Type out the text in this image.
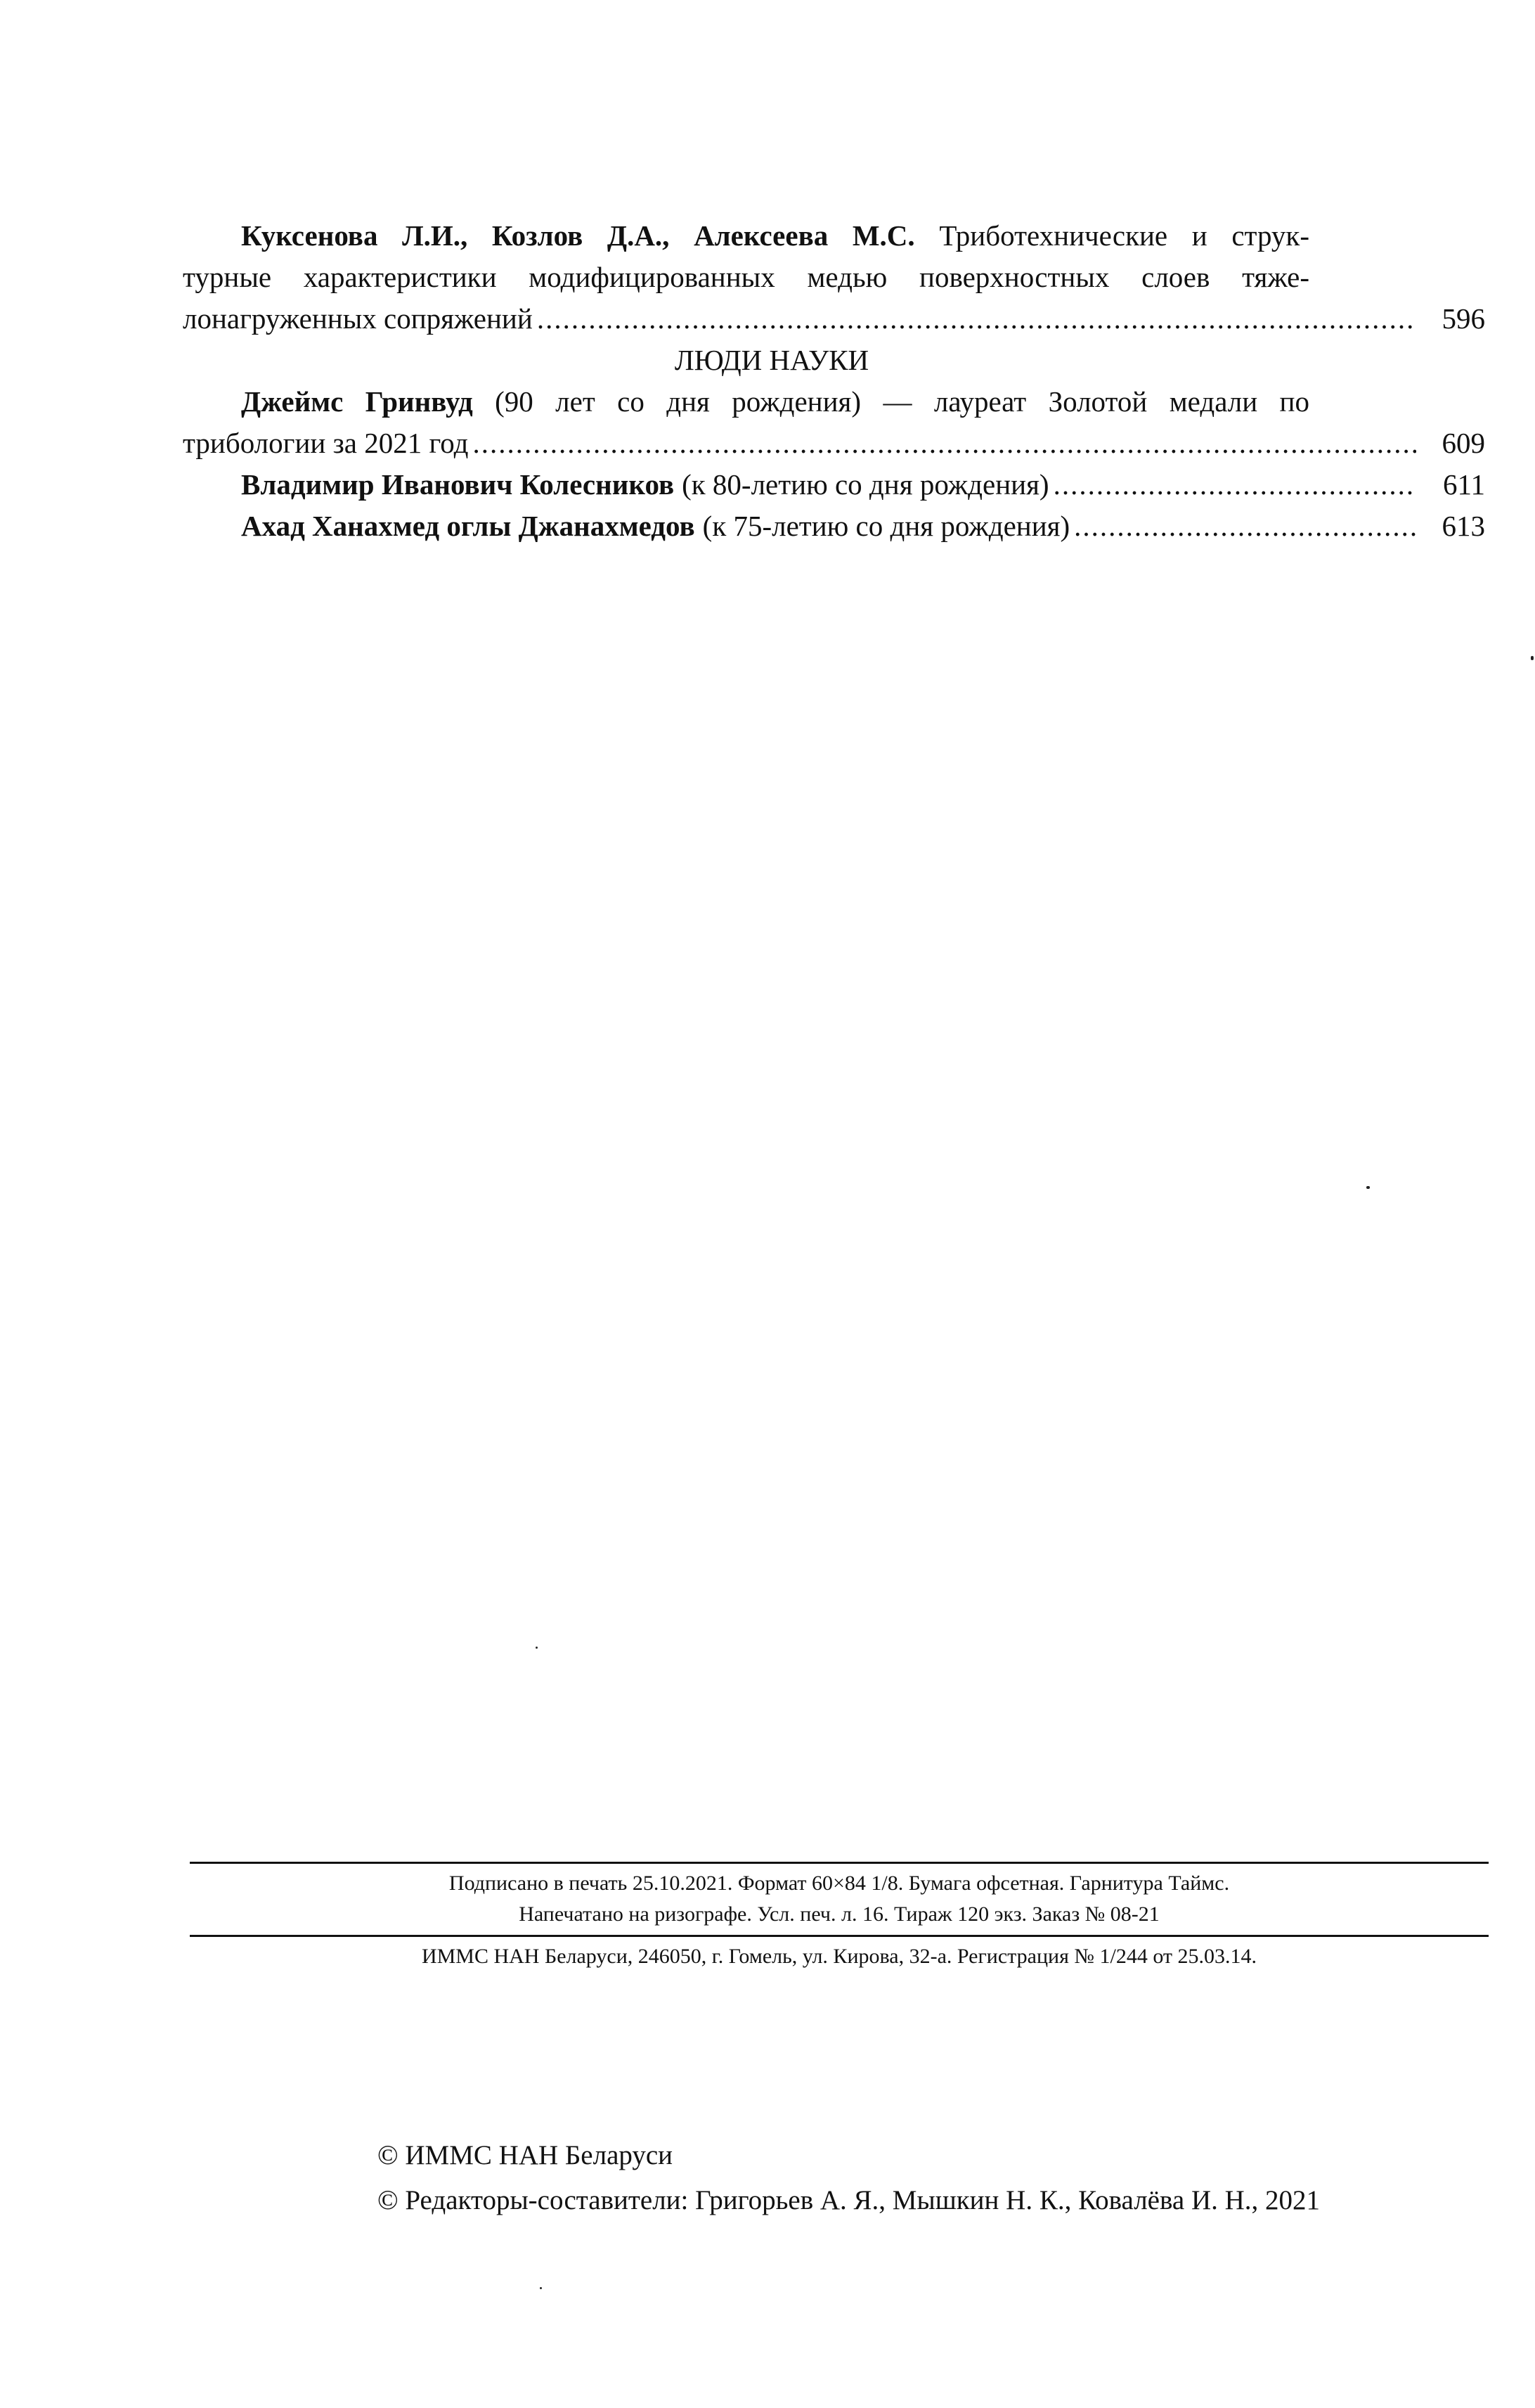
Куксенова Л.И., Козлов Д.А., Алексеева М.С. Триботехнические и струк-
турные характеристики модифицированных медью поверхностных слоев тяже-
лонагруженных сопряжений .....	596
ЛЮДИ НАУКИ
Джеймс Гринвуд (90 лет со дня рождения) — лауреат Золотой медали по
трибологии за 2021 год .....	609
Владимир Иванович Колесников (к 80-летию со дня рождения) .....	611
Ахад Ханахмед оглы Джанахмедов (к 75-летию со дня рождения) .....	613
Подписано в печать 25.10.2021. Формат 60×84 1/8. Бумага офсетная. Гарнитура Таймс.
Напечатано на ризографе. Усл. печ. л. 16. Тираж 120 экз. Заказ № 08-21
ИММС НАН Беларуси, 246050, г. Гомель, ул. Кирова, 32-а. Регистрация № 1/244 от 25.03.14.
© ИММС НАН Беларуси
© Редакторы-составители: Григорьев А. Я., Мышкин Н. К., Ковалёва И. Н., 2021
